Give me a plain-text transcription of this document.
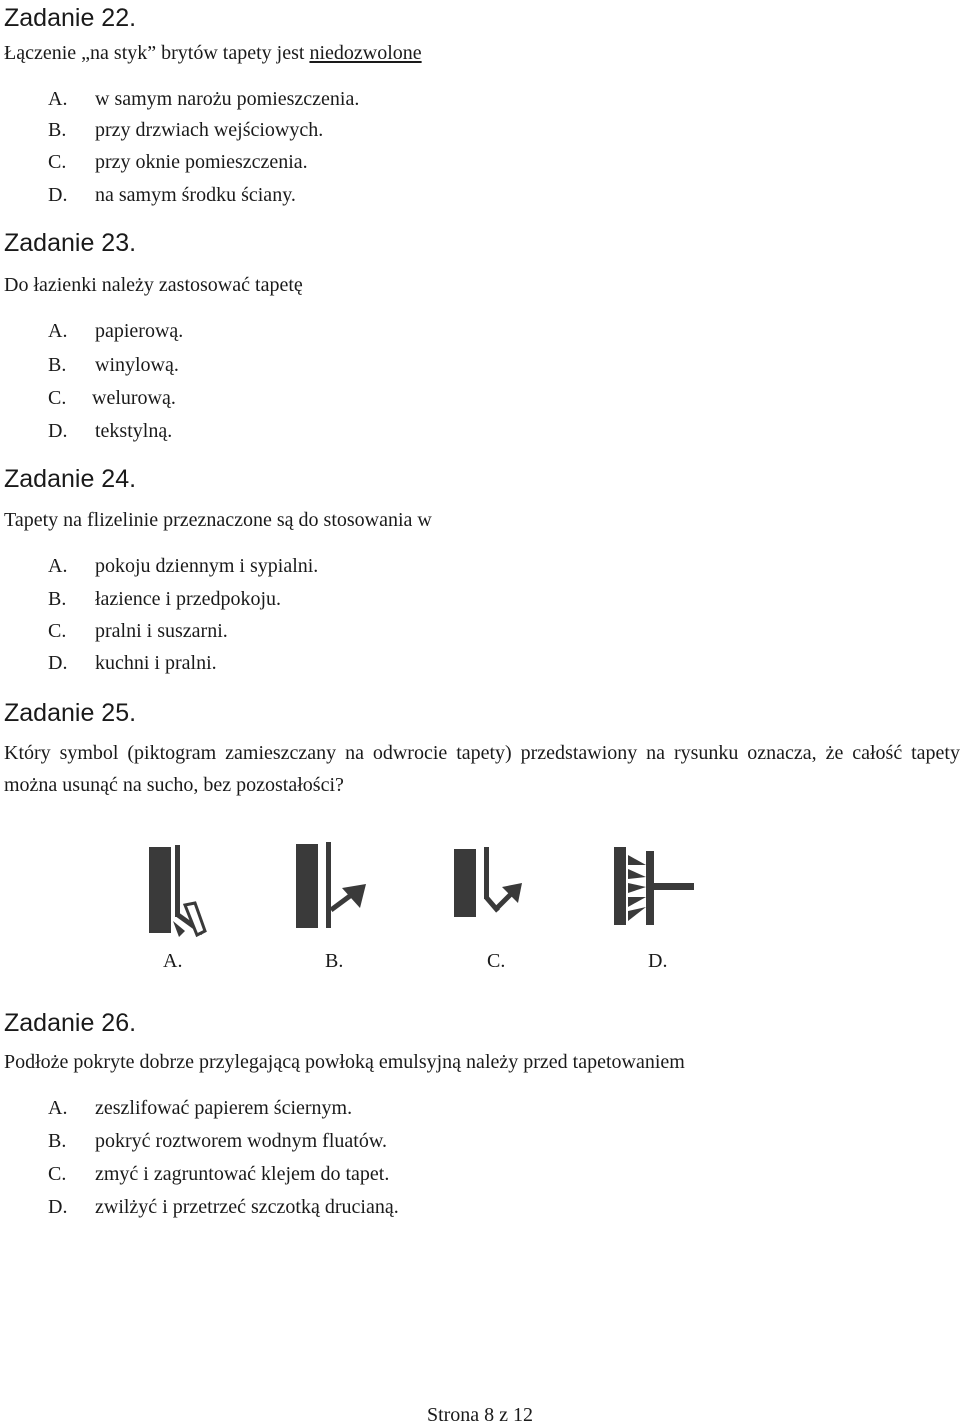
Zadanie 22.
Łączenie „na styk” brytów tapety jest niedozwolone
A. w samym narożu pomieszczenia.
B. przy drzwiach wejściowych.
C. przy oknie pomieszczenia.
D. na samym środku ściany.
Zadanie 23.
Do łazienki należy zastosować tapetę
A. papierową.
B. winylową.
C. welurową.
D. tekstylną.
Zadanie 24.
Tapety na flizelinie przeznaczone są do stosowania w
A. pokoju dziennym i sypialni.
B. łazience i przedpokoju.
C. pralni i suszarni.
D. kuchni i pralni.
Zadanie 25.
Który symbol (piktogram zamieszczany na odwrocie tapety) przedstawiony na rysunku oznacza, że całość tapety można usunąć na sucho, bez pozostałości?
A.	B.	C.	D.
Zadanie 26.
Podłoże pokryte dobrze przylegającą powłoką emulsyjną należy przed tapetowaniem
A. zeszlifować papierem ściernym.
B. pokryć roztworem wodnym fluatów.
C. zmyć i zagruntować klejem do tapet.
D. zwilżyć i przetrzeć szczotką drucianą.
Strona 8 z 12
